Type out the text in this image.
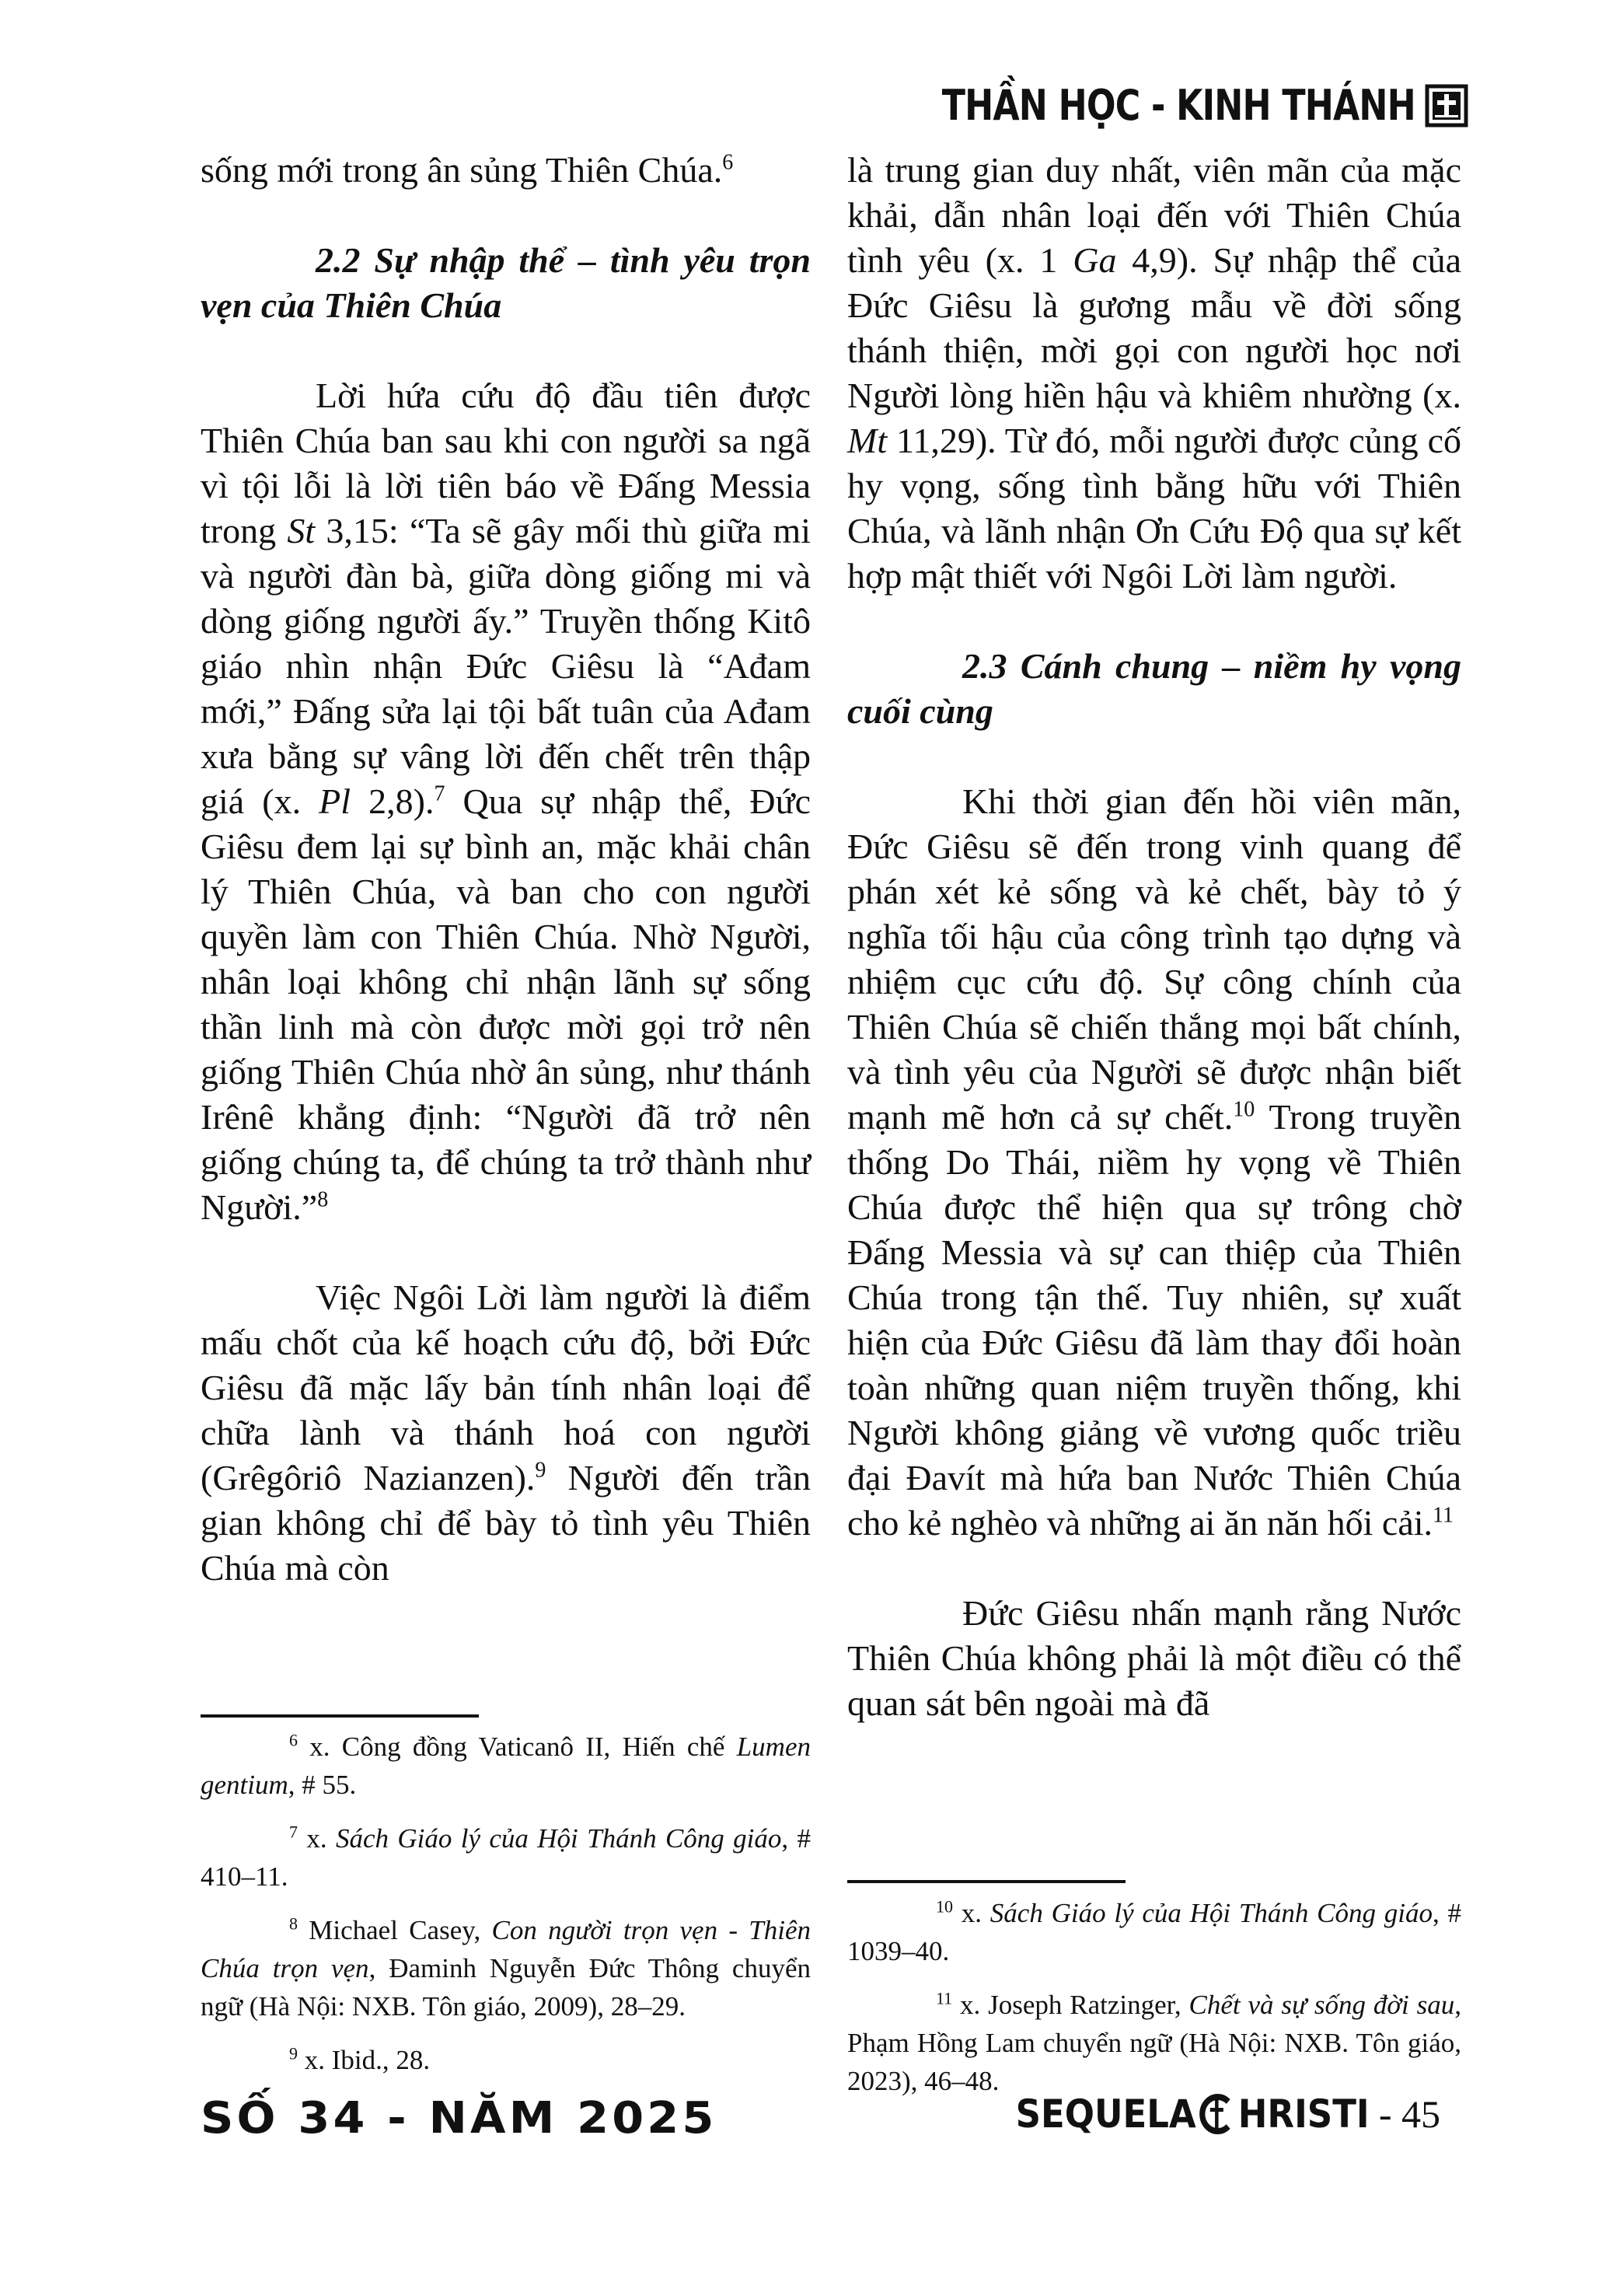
THẦN HỌC - KINH THÁNH

sống mới trong ân sủng Thiên Chúa.$^6$

2.2 Sự nhập thể – tình yêu trọn vẹn của Thiên Chúa

Lời hứa cứu độ đầu tiên được Thiên Chúa ban sau khi con người sa ngã vì tội lỗi là lời tiên báo về Đấng Messia trong St 3,15: “Ta sẽ gây mối thù giữa mi và người đàn bà, giữa dòng giống mi và dòng giống người ấy.” Truyền thống Kitô giáo nhìn nhận Đức Giêsu là “Ađam mới,” Đấng sửa lại tội bất tuân của Ađam xưa bằng sự vâng lời đến chết trên thập giá (x. Pl 2,8).$^7$ Qua sự nhập thể, Đức Giêsu đem lại sự bình an, mặc khải chân lý Thiên Chúa, và ban cho con người quyền làm con Thiên Chúa. Nhờ Người, nhân loại không chỉ nhận lãnh sự sống thần linh mà còn được mời gọi trở nên giống Thiên Chúa nhờ ân sủng, như thánh Irênê khẳng định: “Người đã trở nên giống chúng ta, để chúng ta trở thành như Người.”$^8$

Việc Ngôi Lời làm người là điểm mấu chốt của kế hoạch cứu độ, bởi Đức Giêsu đã mặc lấy bản tính nhân loại để chữa lành và thánh hoá con người (Grêgôriô Nazianzen).$^9$ Người đến trần gian không chỉ để bày tỏ tình yêu Thiên Chúa mà còn

$^6$ x. Công đồng Vaticanô II, Hiến chế Lumen gentium, # 55.

$^7$ x. Sách Giáo lý của Hội Thánh Công giáo, # 410–11.

$^8$ Michael Casey, Con người trọn vẹn - Thiên Chúa trọn vẹn, Đaminh Nguyễn Đức Thông chuyển ngữ (Hà Nội: NXB. Tôn giáo, 2009), 28–29.

$^9$ x. Ibid., 28.

là trung gian duy nhất, viên mãn của mặc khải, dẫn nhân loại đến với Thiên Chúa tình yêu (x. 1 Ga 4,9). Sự nhập thể của Đức Giêsu là gương mẫu về đời sống thánh thiện, mời gọi con người học nơi Người lòng hiền hậu và khiêm nhường (x. Mt 11,29). Từ đó, mỗi người được củng cố hy vọng, sống tình bằng hữu với Thiên Chúa, và lãnh nhận Ơn Cứu Độ qua sự kết hợp mật thiết với Ngôi Lời làm người.

2.3 Cánh chung – niềm hy vọng cuối cùng

Khi thời gian đến hồi viên mãn, Đức Giêsu sẽ đến trong vinh quang để phán xét kẻ sống và kẻ chết, bày tỏ ý nghĩa tối hậu của công trình tạo dựng và nhiệm cục cứu độ. Sự công chính của Thiên Chúa sẽ chiến thắng mọi bất chính, và tình yêu của Người sẽ được nhận biết mạnh mẽ hơn cả sự chết.$^{10}$ Trong truyền thống Do Thái, niềm hy vọng về Thiên Chúa được thể hiện qua sự trông chờ Đấng Messia và sự can thiệp của Thiên Chúa trong tận thế. Tuy nhiên, sự xuất hiện của Đức Giêsu đã làm thay đổi hoàn toàn những quan niệm truyền thống, khi Người không giảng về vương quốc triều đại Đavít mà hứa ban Nước Thiên Chúa cho kẻ nghèo và những ai ăn năn hối cải.$^{11}$

Đức Giêsu nhấn mạnh rằng Nước Thiên Chúa không phải là một điều có thể quan sát bên ngoài mà đã

$^{10}$ x. Sách Giáo lý của Hội Thánh Công giáo, # 1039–40.

$^{11}$ x. Joseph Ratzinger, Chết và sự sống đời sau, Phạm Hồng Lam chuyển ngữ (Hà Nội: NXB. Tôn giáo, 2023), 46–48.

SỐ 34 - NĂM 2025	SEQUELA	C HRISTI - 45
